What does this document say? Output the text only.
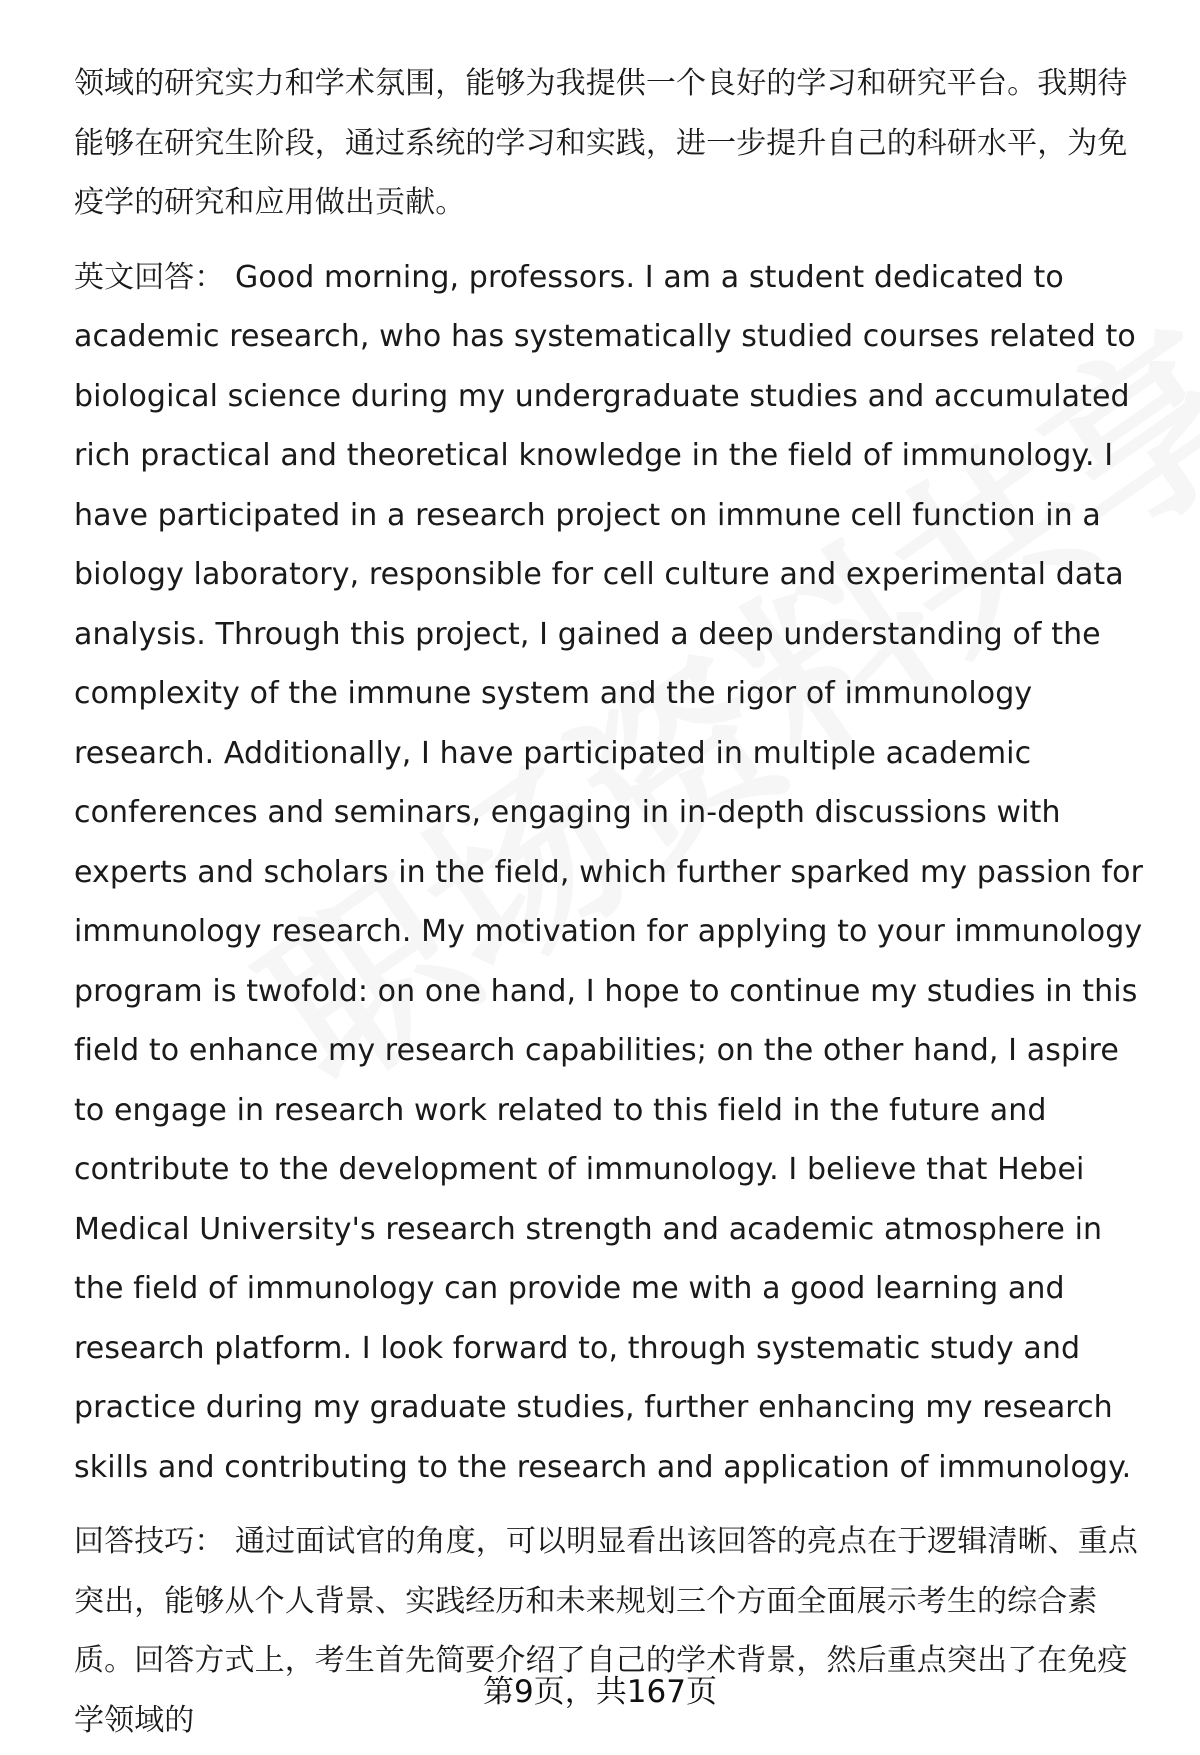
领域的研究实力和学术氛围，能够为我提供一个良好的学习和研究平台。我期待能够在研究生阶段，通过系统的学习和实践，进一步提升自己的科研水平，为免疫学的研究和应用做出贡献。

英文回答： Good morning, professors. I am a student dedicated to academic research, who has systematically studied courses related to biological science during my undergraduate studies and accumulated rich practical and theoretical knowledge in the field of immunology. I have participated in a research project on immune cell function in a biology laboratory, responsible for cell culture and experimental data analysis. Through this project, I gained a deep understanding of the complexity of the immune system and the rigor of immunology research. Additionally, I have participated in multiple academic conferences and seminars, engaging in in-depth discussions with experts and scholars in the field, which further sparked my passion for immunology research. My motivation for applying to your immunology program is twofold: on one hand, I hope to continue my studies in this field to enhance my research capabilities; on the other hand, I aspire to engage in research work related to this field in the future and contribute to the development of immunology. I believe that Hebei Medical University's research strength and academic atmosphere in the field of immunology can provide me with a good learning and research platform. I look forward to, through systematic study and practice during my graduate studies, further enhancing my research skills and contributing to the research and application of immunology.

回答技巧： 通过面试官的角度，可以明显看出该回答的亮点在于逻辑清晰、重点突出，能够从个人背景、实践经历和未来规划三个方面全面展示考生的综合素质。回答方式上，考生首先简要介绍了自己的学术背景，然后重点突出了在免疫学领域的

第9页，共167页
